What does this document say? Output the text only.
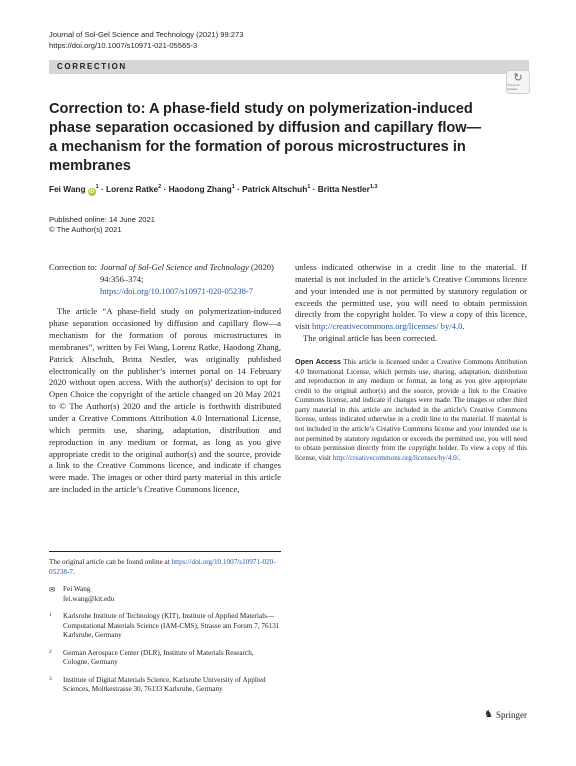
Journal of Sol-Gel Science and Technology (2021) 99:273
https://doi.org/10.1007/s10971-021-05565-3
CORRECTION
↻
Check for updates
Correction to: A phase-field study on polymerization-induced phase separation occasioned by diffusion and capillary flow—a mechanism for the formation of porous microstructures in membranes
Fei Wang $iD^1$ · Lorenz Ratke$^2$ · Haodong Zhang$^1$ · Patrick Altschuh$^1$ · Britta Nestler$^{1,3}$
Published online: 14 June 2021
© The Author(s) 2021
Correction to: Journal of Sol-Gel Science and Technology (2020)
94:356–374;
https://doi.org/10.1007/s10971-020-05238-7

The article “A phase-field study on polymerization-induced phase separation occasioned by diffusion and capillary flow—a mechanism for the formation of porous microstructures in membranes”, written by Fei Wang, Lorenz Ratke, Haodong Zhang, Patrick Altschuh, Britta Nestler, was originally published electronically on the publisher’s internet portal on 14 February 2020 without open access. With the author(s)’ decision to opt for Open Choice the copyright of the article changed on 20 May 2021 to © The Author(s) 2020 and the article is forthwith distributed under a Creative Commons Attribution 4.0 International License, which permits use, sharing, adaptation, distribution and reproduction in any medium or format, as long as you give appropriate credit to the original author(s) and the source, provide a link to the Creative Commons licence, and indicate if changes were made. The images or other third party material in this article are included in the article’s Creative Commons licence,

unless indicated otherwise in a credit line to the material. If material is not included in the article’s Creative Commons licence and your intended use is not permitted by statutory regulation or exceeds the permitted use, you will need to obtain permission directly from the copyright holder. To view a copy of this licence, visit http://creativecommons.org/licenses/ by/4.0.

The original article has been corrected.

Open Access This article is licensed under a Creative Commons Attribution 4.0 International License, which permits use, sharing, adaptation, distribution and reproduction in any medium or format, as long as you give appropriate credit to the original author(s) and the source, provide a link to the Creative Commons license, and indicate if changes were made. The images or other third party material in this article are included in the article’s Creative Commons license, unless indicated otherwise in a credit line to the material. If material is not included in the article’s Creative Commons license and your intended use is not permitted by statutory regulation or exceeds the permitted use, you will need to obtain permission directly from the copyright holder. To view a copy of this license, visit http://creativecommons.org/licenses/by/4.0/.
The original article can be found online at https://doi.org/10.1007/s10971-020-05238-7.
✉	Fei Wang
fei.wang@kit.edu
1	Karlsruhe Institute of Technology (KIT), Institute of Applied Materials—Computational Materials Science (IAM-CMS), Strasse am Forum 7, 76131 Karlsruhe, Germany
2	German Aerospace Center (DLR), Institute of Materials Research, Cologne, Germany
3	Institute of Digital Materials Science, Karlsruhe University of Applied Sciences, Moltkestrasse 30, 76133 Karlsruhe, Germany
♞ Springer
